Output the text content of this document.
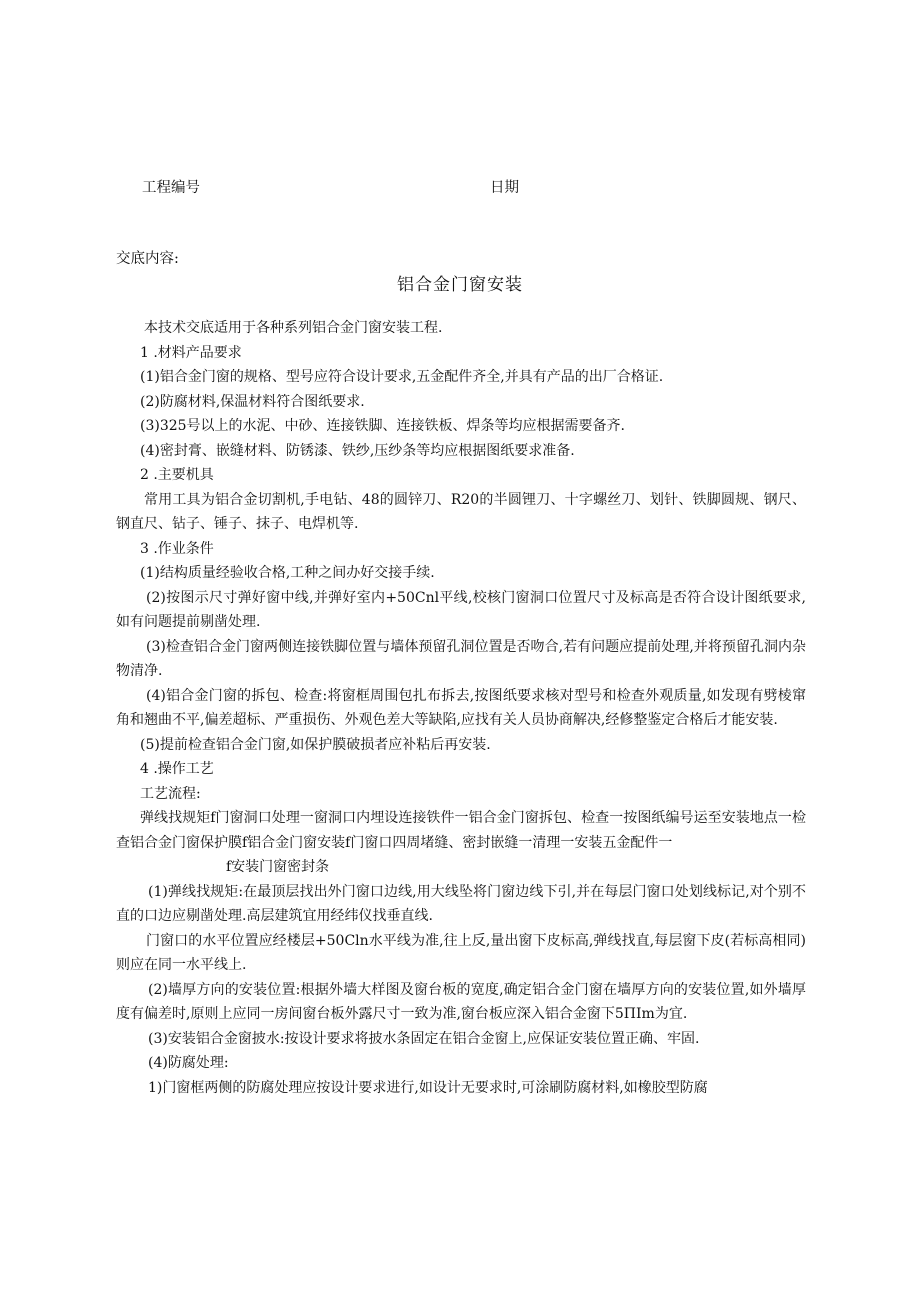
工程编号	日期
交底内容:
铝合金门窗安装

本技术交底适用于各种系列铝合金门窗安装工程.

1 .材料产品要求

(1)铝合金门窗的规格、型号应符合设计要求,五金配件齐全,并具有产品的出厂合格证.

(2)防腐材料,保温材料符合图纸要求.

(3)325号以上的水泥、中砂、连接铁脚、连接铁板、焊条等均应根据需要备齐.

(4)密封膏、嵌缝材料、防锈漆、铁纱,压纱条等均应根据图纸要求准备.

2 .主要机具

常用工具为铝合金切割机,手电钻、48的圆锌刀、R20的半圆锂刀、十字螺丝刀、划针、铁脚圆规、钢尺、钢直尺、钻子、锤子、抹子、电焊机等.

3 .作业条件

(1)结构质量经验收合格,工种之间办好交接手续.

(2)按图示尺寸弹好窗中线,并弹好室内+50Cnl平线,校核门窗洞口位置尺寸及标高是否符合设计图纸要求,如有问题提前剔凿处理.

(3)检查铝合金门窗两侧连接铁脚位置与墙体预留孔洞位置是否吻合,若有问题应提前处理,并将预留孔洞内杂物清净.

(4)铝合金门窗的拆包、检查:将窗框周围包扎布拆去,按图纸要求核对型号和检查外观质量,如发现有劈棱窜角和翘曲不平,偏差超标、严重损伤、外观色差大等缺陷,应找有关人员协商解决,经修整鉴定合格后才能安装.

(5)提前检查铝合金门窗,如保护膜破损者应补粘后再安装.

4 .操作工艺

工艺流程:

弹线找规矩f门窗洞口处理一窗洞口内埋设连接铁件一铝合金门窗拆包、检查一按图纸编号运至安装地点一检查铝合金门窗保护膜f铝合金门窗安装f门窗口四周堵缝、密封嵌缝一清理一安装五金配件一

f安装门窗密封条

(1)弹线找规矩:在最顶层找出外门窗口边线,用大线坠将门窗边线下引,并在每层门窗口处划线标记,对个别不直的口边应剔凿处理.高层建筑宜用经纬仪找垂直线.

门窗口的水平位置应经楼层+50Cln水平线为准,往上反,量出窗下皮标高,弹线找直,每层窗下皮(若标高相同)则应在同一水平线上.

(2)墙厚方向的安装位置:根据外墙大样图及窗台板的宽度,确定铝合金门窗在墙厚方向的安装位置,如外墙厚度有偏差时,原则上应同一房间窗台板外露尺寸一致为准,窗台板应深入铝合金窗下5ΠIm为宜.

(3)安装铝合金窗披水:按设计要求将披水条固定在铝合金窗上,应保证安装位置正确、牢固.

(4)防腐处理:

1)门窗框两侧的防腐处理应按设计要求进行,如设计无要求时,可涂刷防腐材料,如橡胶型防腐
